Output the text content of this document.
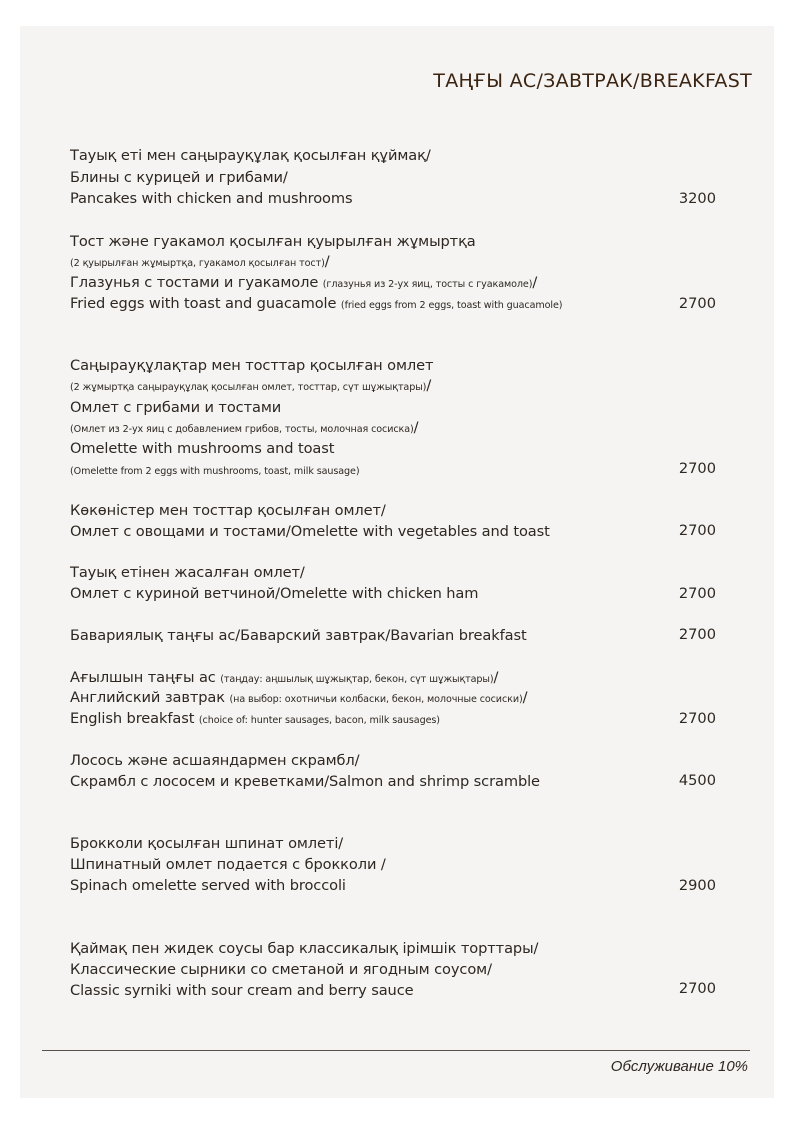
ТАҢҒЫ АС/ЗАВТРАК/BREAKFAST
Тауық еті мен саңырауқұлақ қосылған құймақ/
Блины с курицей и грибами/
Pancakes with chicken and mushrooms	3200
Тост және гуакамол қосылған қуырылған жұмыртқа
(2 қуырылған жұмыртқа, гуакамол қосылған тост)/
Глазунья с тостами и гуакамоле (глазунья из 2-ух яиц, тосты с гуакамоле)/
Fried eggs with toast and guacamole (fried eggs from 2 eggs, toast with guacamole)	2700
Саңырауқұлақтар мен тосттар қосылған омлет
(2 жұмыртқа саңырауқұлақ қосылған омлет, тосттар, сүт шұжықтары)/
Омлет с грибами и тостами
(Омлет из 2-ух яиц с добавлением грибов, тосты, молочная сосиска)/
Omelette with mushrooms and toast
(Omelette from 2 eggs with mushrooms, toast, milk sausage)	2700
Көкөністер мен тосттар қосылған омлет/
Омлет с овощами и тостами/Omelette with vegetables and toast	2700
Тауық етінен жасалған омлет/
Омлет с куриной ветчиной/Omelette with chicken ham	2700
Бавариялық таңғы ас/Баварский завтрак/Bavarian breakfast	2700
Ағылшын таңғы ас (таңдау: аңшылық шұжықтар, бекон, сүт шұжықтары)/
Английский завтрак (на выбор: охотничьи колбаски, бекон, молочные сосиски)/
English breakfast (choice of: hunter sausages, bacon, milk sausages)	2700
Лосось және асшаяндармен скрамбл/
Скрамбл с лососем и креветками/Salmon and shrimp scramble	4500
Брокколи қосылған шпинат омлеті/
Шпинатный омлет подается с брокколи /
Spinach omelette served with broccoli	2900
Қаймақ пен жидек соусы бар классикалық ірімшік торттары/
Классические сырники со сметаной и ягодным соусом/
Classic syrniki with sour cream and berry sauce	2700
Обслуживание 10%
